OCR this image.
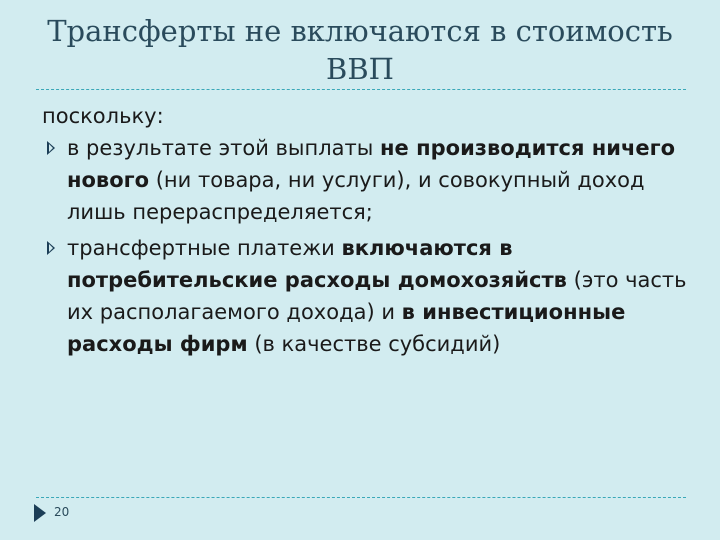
Трансферты не включаются в стоимость ВВП
поскольку:
в результате этой выплаты не производится ничего нового (ни товара, ни услуги), и совокупный доход лишь перераспределяется;
трансфертные платежи включаются в потребительские расходы домохозяйств (это часть их располагаемого дохода) и в инвестиционные расходы фирм (в качестве субсидий)
20
